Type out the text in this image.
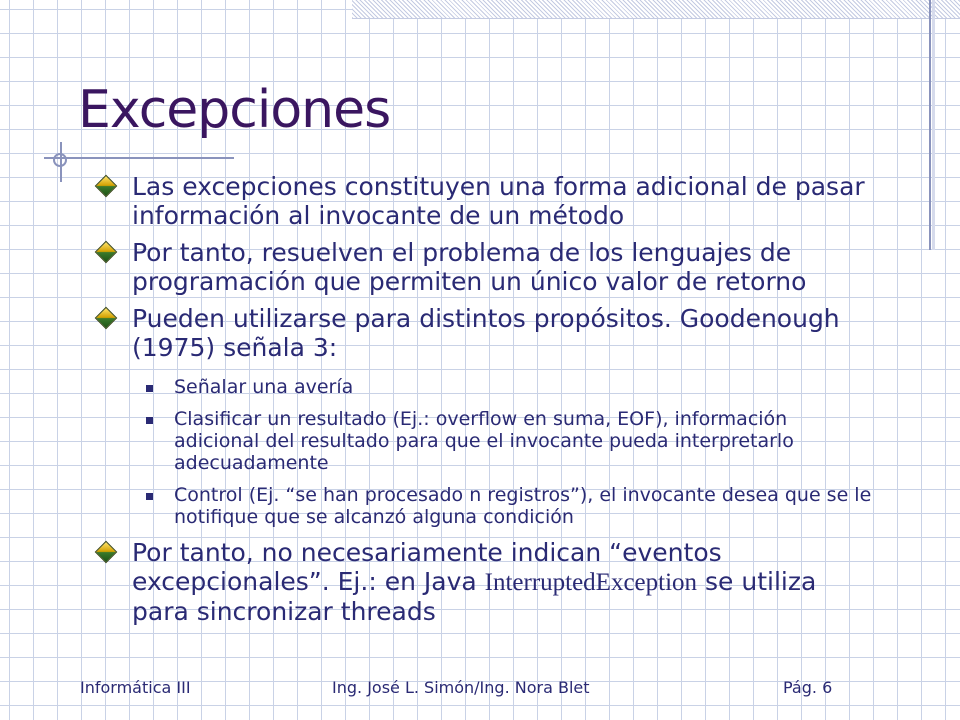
Excepciones
Las excepciones constituyen una forma adicional de pasar información al invocante de un método
Por tanto, resuelven el problema de los lenguajes de programación que permiten un único valor de retorno
Pueden utilizarse para distintos propósitos. Goodenough (1975) señala 3:
Señalar una avería
Clasificar un resultado (Ej.: overflow en suma, EOF), información adicional del resultado para que el invocante pueda interpretarlo adecuadamente
Control (Ej. “se han procesado n registros”), el invocante desea que se le notifique que se alcanzó alguna condición
Por tanto, no necesariamente indican “eventos excepcionales”. Ej.: en Java InterruptedException se utiliza para sincronizar threads
Informática III	Ing. José L. Simón/Ing. Nora Blet	Pág. 6
